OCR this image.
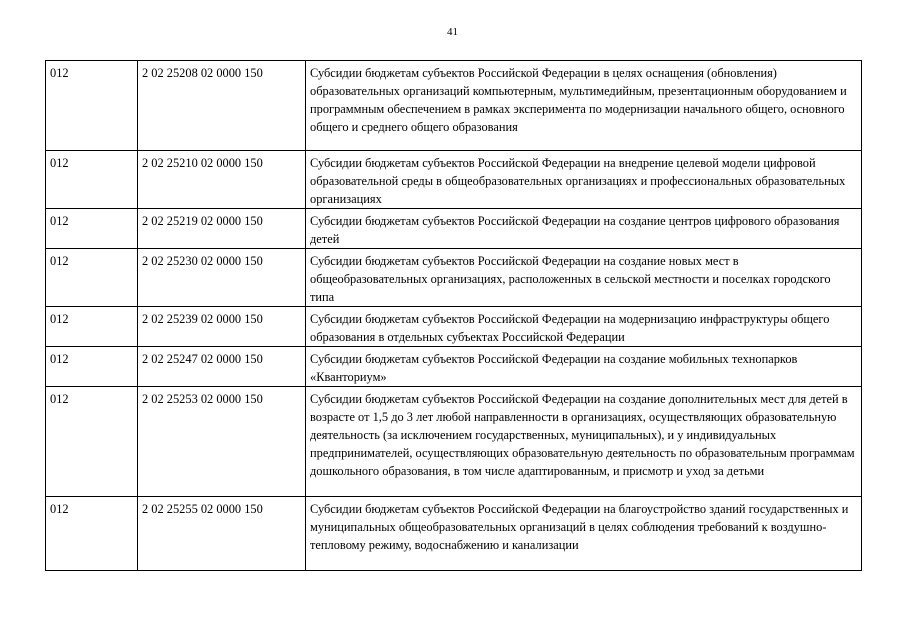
41
012	2 02 25208 02 0000 150	Субсидии бюджетам субъектов Российской Федерации в целях оснащения (обновления) образовательных организаций компьютерным, мультимедийным, презентационным оборудованием и программным обеспечением в рамках эксперимента по модернизации начального общего, основного общего и среднего общего образования
012	2 02 25210 02 0000 150	Субсидии бюджетам субъектов Российской Федерации на внедрение целевой модели цифровой образовательной среды в общеобразовательных организациях и профессиональных образовательных организациях
012	2 02 25219 02 0000 150	Субсидии бюджетам субъектов Российской Федерации на создание центров цифрового образования детей
012	2 02 25230 02 0000 150	Субсидии бюджетам субъектов Российской Федерации на создание новых мест в общеобразовательных организациях, расположенных в сельской местности и поселках городского типа
012	2 02 25239 02 0000 150	Субсидии бюджетам субъектов Российской Федерации на модернизацию инфраструктуры общего образования в отдельных субъектах Российской Федерации
012	2 02 25247 02 0000 150	Субсидии бюджетам субъектов Российской Федерации на создание мобильных технопарков «Кванториум»
012	2 02 25253 02 0000 150	Субсидии бюджетам субъектов Российской Федерации на создание дополнительных мест для детей в возрасте от 1,5 до 3 лет любой направленности в организациях, осуществляющих образовательную деятельность (за исключением государственных, муниципальных), и у индивидуальных предпринимателей, осуществляющих образовательную деятельность по образовательным программам дошкольного образования, в том числе адаптированным, и присмотр и уход за детьми
012	2 02 25255 02 0000 150	Субсидии бюджетам субъектов Российской Федерации на благоустройство зданий государственных и муниципальных общеобразовательных организаций в целях соблюдения требований к воздушно-тепловому режиму, водоснабжению и канализации
